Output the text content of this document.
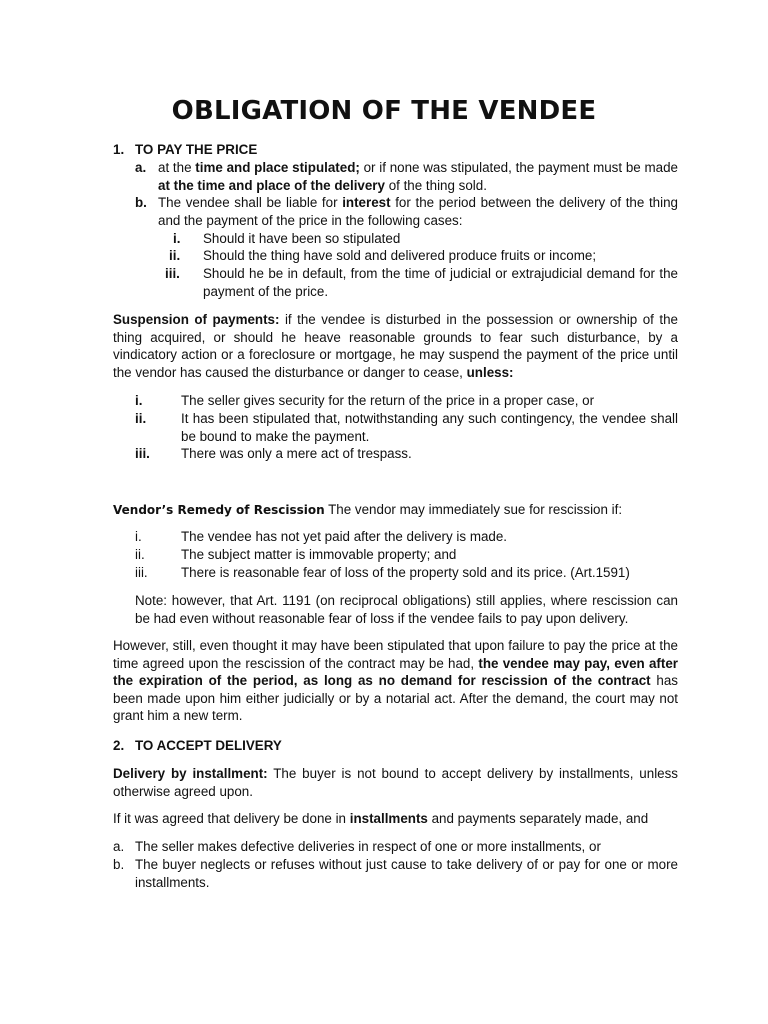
OBLIGATION OF THE VENDEE
1. TO PAY THE PRICE
a. at the time and place stipulated; or if none was stipulated, the payment must be made at the time and place of the delivery of the thing sold.
b. The vendee shall be liable for interest for the period between the delivery of the thing and the payment of the price in the following cases:
i. Should it have been so stipulated
ii. Should the thing have sold and delivered produce fruits or income;
iii. Should he be in default, from the time of judicial or extrajudicial demand for the payment of the price.
Suspension of payments: if the vendee is disturbed in the possession or ownership of the thing acquired, or should he heave reasonable grounds to fear such disturbance, by a vindicatory action or a foreclosure or mortgage, he may suspend the payment of the price until the vendor has caused the disturbance or danger to cease, unless:
i.	The seller gives security for the return of the price in a proper case, or
ii.	It has been stipulated that, notwithstanding any such contingency, the vendee shall be bound to make the payment.
iii. There was only a mere act of trespass.
Vendor’s Remedy of Rescission The vendor may immediately sue for rescission if:
i.	The vendee has not yet paid after the delivery is made.
ii.	The subject matter is immovable property; and
iii. There is reasonable fear of loss of the property sold and its price. (Art.1591)
Note: however, that Art. 1191 (on reciprocal obligations) still applies, where rescission can be had even without reasonable fear of loss if the vendee fails to pay upon delivery.
However, still, even thought it may have been stipulated that upon failure to pay the price at the time agreed upon the rescission of the contract may be had, the vendee may pay, even after the expiration of the period, as long as no demand for rescission of the contract has been made upon him either judicially or by a notarial act. After the demand, the court may not grant him a new term.
2. TO ACCEPT DELIVERY
Delivery by installment: The buyer is not bound to accept delivery by installments, unless otherwise agreed upon.
If it was agreed that delivery be done in installments and payments separately made, and
a. The seller makes defective deliveries in respect of one or more installments, or
b. The buyer neglects or refuses without just cause to take delivery of or pay for one or more installments.
